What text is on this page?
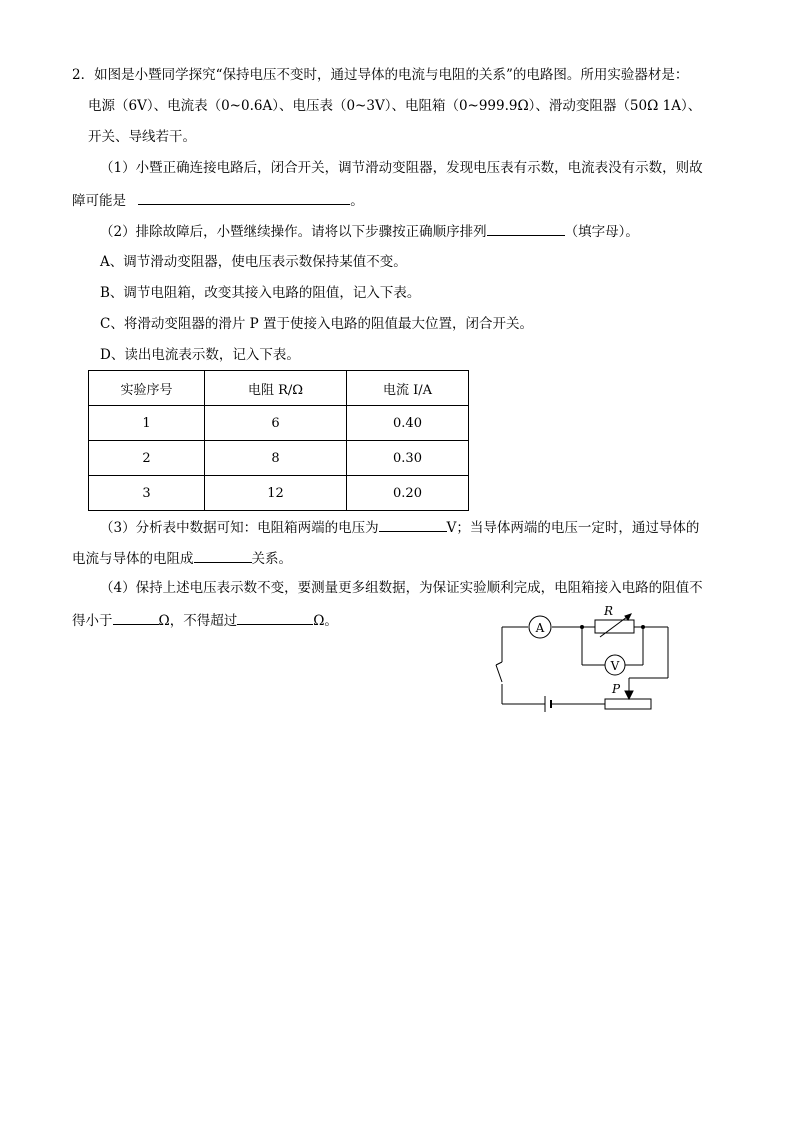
2．如图是小暨同学探究“保持电压不变时，通过导体的电流与电阻的关系”的电路图。所用实验器材是：
电源（6V）、电流表（0~0.6A）、电压表（0~3V）、电阻箱（0~999.9Ω）、滑动变阻器（50Ω 1A）、
开关、导线若干。
（1）小暨正确连接电路后，闭合开关，调节滑动变阻器，发现电压表有示数，电流表没有示数，则故
障可能是	。
（2）排除故障后，小暨继续操作。请将以下步骤按正确顺序排列	（填字母）。
A、调节滑动变阻器，使电压表示数保持某值不变。
B、调节电阻箱，改变其接入电路的阻值，记入下表。
C、将滑动变阻器的滑片 P 置于使接入电路的阻值最大位置，闭合开关。
D、读出电流表示数，记入下表。
实验序号	电阻 R/Ω	电流 I/A
1	6	0.40
2	8	0.30
3	12	0.20
（3）分析表中数据可知：电阻箱两端的电压为	V；当导体两端的电压一定时，通过导体的
电流与导体的电阻成	关系。
（4）保持上述电压表示数不变，要测量更多组数据，为保证实验顺利完成，电阻箱接入电路的阻值不
得小于	Ω，不得超过	Ω。	A
V
R
P
